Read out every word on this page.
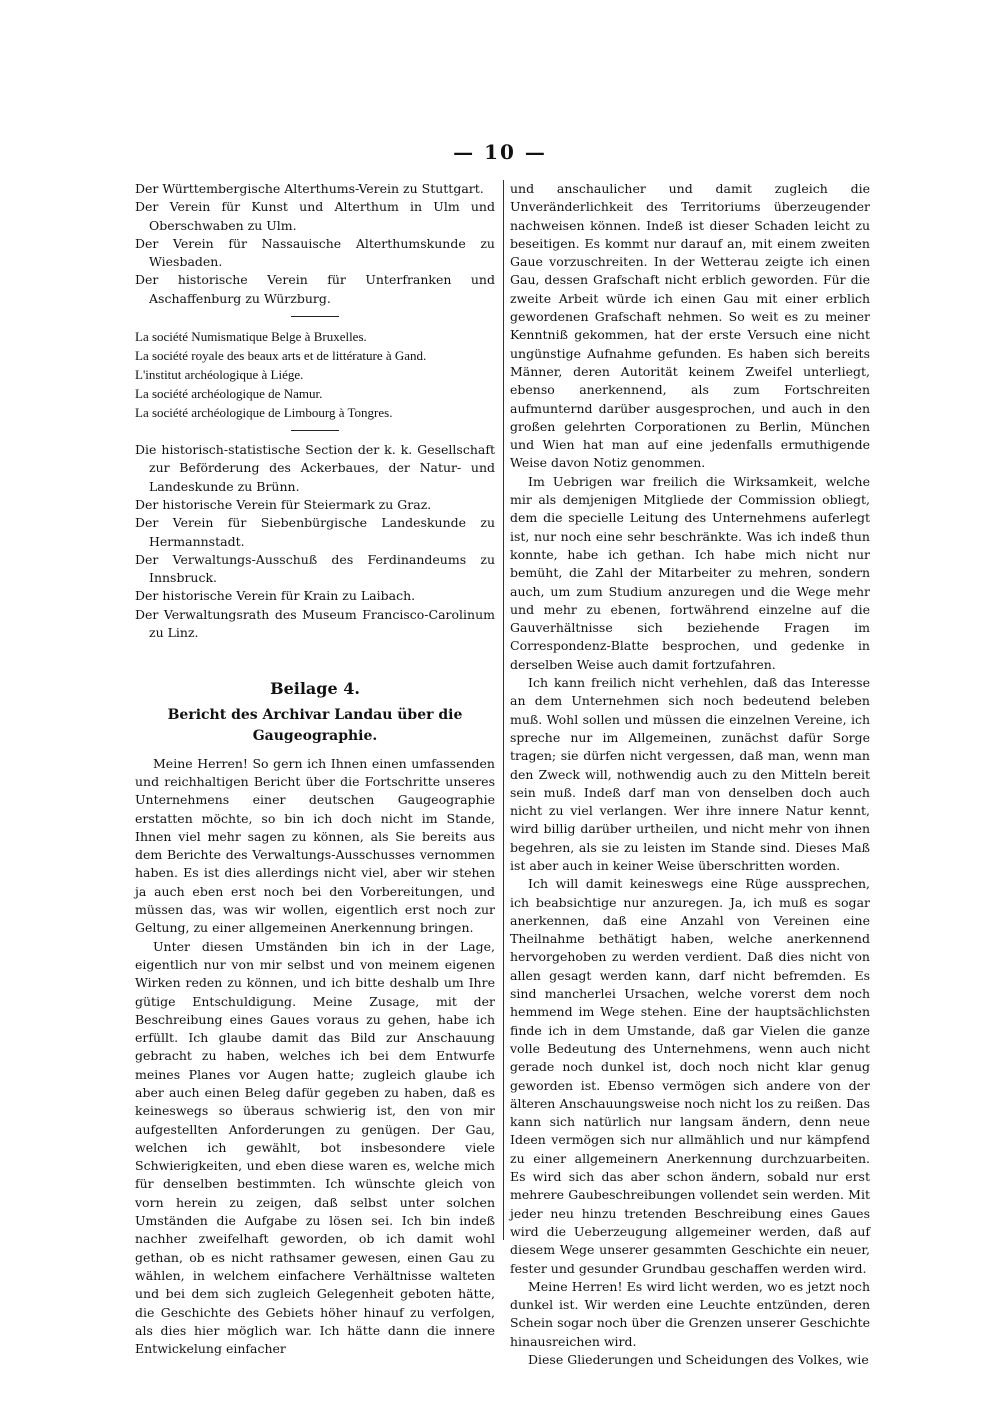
— 10 —

Der Württembergische Alterthums-Verein zu Stuttgart.

Der Verein für Kunst und Alterthum in Ulm und Oberschwaben zu Ulm.

Der Verein für Nassauische Alterthumskunde zu Wiesbaden.

Der historische Verein für Unterfranken und Aschaffenburg zu Würzburg.

La société Numismatique Belge à Bruxelles.

La société royale des beaux arts et de littérature à Gand.

L'institut archéologique à Liége.

La société archéologique de Namur.

La société archéologique de Limbourg à Tongres.

Die historisch-statistische Section der k. k. Gesellschaft zur Beförderung des Ackerbaues, der Natur- und Landeskunde zu Brünn.

Der historische Verein für Steiermark zu Graz.

Der Verein für Siebenbürgische Landeskunde zu Hermannstadt.

Der Verwaltungs-Ausschuß des Ferdinandeums zu Innsbruck.

Der historische Verein für Krain zu Laibach.

Der Verwaltungsrath des Museum Francisco-Carolinum zu Linz.

Beilage 4.
Bericht des Archivar Landau über die Gaugeographie.

Meine Herren! So gern ich Ihnen einen umfassenden und reichhaltigen Bericht über die Fortschritte unseres Unternehmens einer deutschen Gaugeographie erstatten möchte, so bin ich doch nicht im Stande, Ihnen viel mehr sagen zu können, als Sie bereits aus dem Berichte des Verwaltungs-Ausschusses vernommen haben. Es ist dies allerdings nicht viel, aber wir stehen ja auch eben erst noch bei den Vorbereitungen, und müssen das, was wir wollen, eigentlich erst noch zur Geltung, zu einer allgemeinen Anerkennung bringen.

Unter diesen Umständen bin ich in der Lage, eigentlich nur von mir selbst und von meinem eigenen Wirken reden zu können, und ich bitte deshalb um Ihre gütige Entschuldigung. Meine Zusage, mit der Beschreibung eines Gaues voraus zu gehen, habe ich erfüllt. Ich glaube damit das Bild zur Anschauung gebracht zu haben, welches ich bei dem Entwurfe meines Planes vor Augen hatte; zugleich glaube ich aber auch einen Beleg dafür gegeben zu haben, daß es keineswegs so überaus schwierig ist, den von mir aufgestellten Anforderungen zu genügen. Der Gau, welchen ich gewählt, bot insbesondere viele Schwierigkeiten, und eben diese waren es, welche mich für denselben bestimmten. Ich wünschte gleich von vorn herein zu zeigen, daß selbst unter solchen Umständen die Aufgabe zu lösen sei. Ich bin indeß nachher zweifelhaft geworden, ob ich damit wohl gethan, ob es nicht rathsamer gewesen, einen Gau zu wählen, in welchem einfachere Verhältnisse walteten und bei dem sich zugleich Gelegenheit geboten hätte, die Geschichte des Gebiets höher hinauf zu verfolgen, als dies hier möglich war. Ich hätte dann die innere Entwickelung einfacher

und anschaulicher und damit zugleich die Unveränderlichkeit des Territoriums überzeugender nachweisen können. Indeß ist dieser Schaden leicht zu beseitigen. Es kommt nur darauf an, mit einem zweiten Gaue vorzuschreiten. In der Wetterau zeigte ich einen Gau, dessen Grafschaft nicht erblich geworden. Für die zweite Arbeit würde ich einen Gau mit einer erblich gewordenen Grafschaft nehmen. So weit es zu meiner Kenntniß gekommen, hat der erste Versuch eine nicht ungünstige Aufnahme gefunden. Es haben sich bereits Männer, deren Autorität keinem Zweifel unterliegt, ebenso anerkennend, als zum Fortschreiten aufmunternd darüber ausgesprochen, und auch in den großen gelehrten Corporationen zu Berlin, München und Wien hat man auf eine jedenfalls ermuthigende Weise davon Notiz genommen.

Im Uebrigen war freilich die Wirksamkeit, welche mir als demjenigen Mitgliede der Commission obliegt, dem die specielle Leitung des Unternehmens auferlegt ist, nur noch eine sehr beschränkte. Was ich indeß thun konnte, habe ich gethan. Ich habe mich nicht nur bemüht, die Zahl der Mitarbeiter zu mehren, sondern auch, um zum Studium anzuregen und die Wege mehr und mehr zu ebenen, fortwährend einzelne auf die Gauverhältnisse sich beziehende Fragen im Correspondenz-Blatte besprochen, und gedenke in derselben Weise auch damit fortzufahren.

Ich kann freilich nicht verhehlen, daß das Interesse an dem Unternehmen sich noch bedeutend beleben muß. Wohl sollen und müssen die einzelnen Vereine, ich spreche nur im Allgemeinen, zunächst dafür Sorge tragen; sie dürfen nicht vergessen, daß man, wenn man den Zweck will, nothwendig auch zu den Mitteln bereit sein muß. Indeß darf man von denselben doch auch nicht zu viel verlangen. Wer ihre innere Natur kennt, wird billig darüber urtheilen, und nicht mehr von ihnen begehren, als sie zu leisten im Stande sind. Dieses Maß ist aber auch in keiner Weise überschritten worden.

Ich will damit keineswegs eine Rüge aussprechen, ich beabsichtige nur anzuregen. Ja, ich muß es sogar anerkennen, daß eine Anzahl von Vereinen eine Theilnahme bethätigt haben, welche anerkennend hervorgehoben zu werden verdient. Daß dies nicht von allen gesagt werden kann, darf nicht befremden. Es sind mancherlei Ursachen, welche vorerst dem noch hemmend im Wege stehen. Eine der hauptsächlichsten finde ich in dem Umstande, daß gar Vielen die ganze volle Bedeutung des Unternehmens, wenn auch nicht gerade noch dunkel ist, doch noch nicht klar genug geworden ist. Ebenso vermögen sich andere von der älteren Anschauungsweise noch nicht los zu reißen. Das kann sich natürlich nur langsam ändern, denn neue Ideen vermögen sich nur allmählich und nur kämpfend zu einer allgemeinern Anerkennung durchzuarbeiten. Es wird sich das aber schon ändern, sobald nur erst mehrere Gaubeschreibungen vollendet sein werden. Mit jeder neu hinzu tretenden Beschreibung eines Gaues wird die Ueberzeugung allgemeiner werden, daß auf diesem Wege unserer gesammten Geschichte ein neuer, fester und gesunder Grundbau geschaffen werden wird.

Meine Herren! Es wird licht werden, wo es jetzt noch dunkel ist. Wir werden eine Leuchte entzünden, deren Schein sogar noch über die Grenzen unserer Geschichte hinausreichen wird.

Diese Gliederungen und Scheidungen des Volkes, wie
